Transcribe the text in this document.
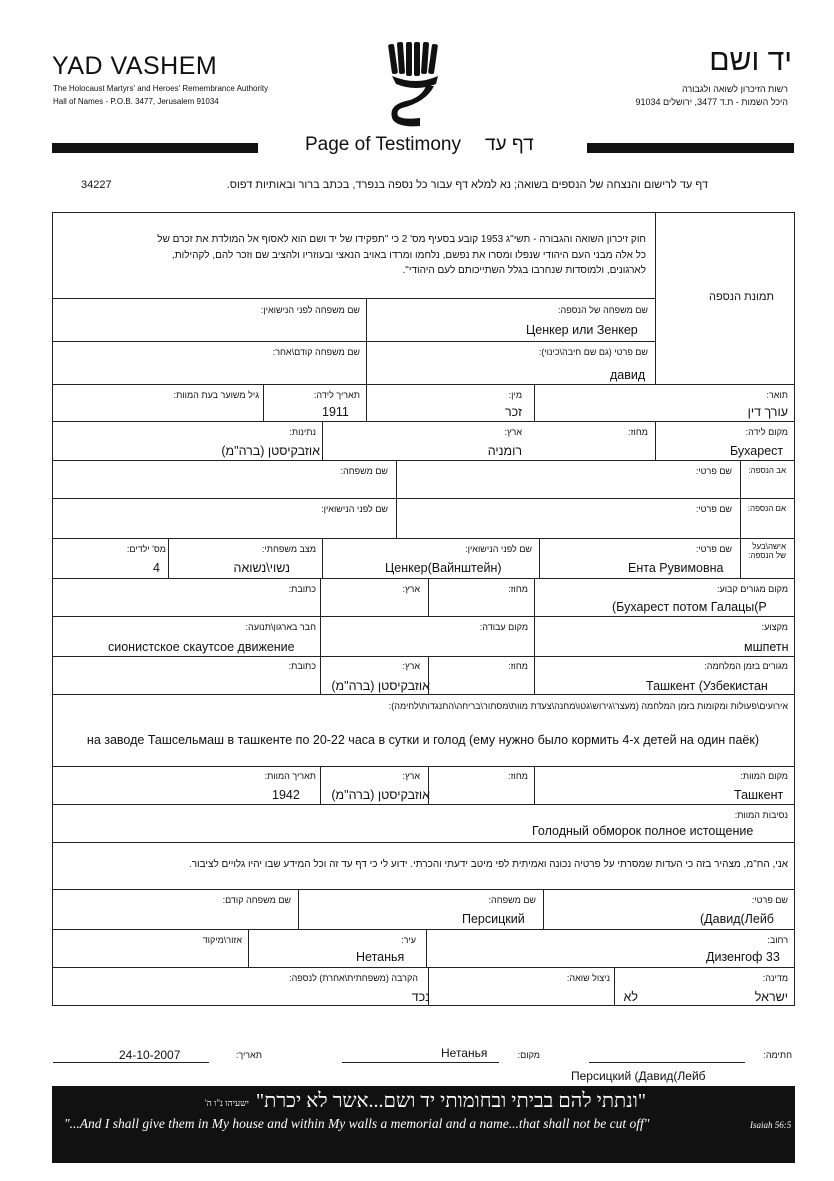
YAD VASHEM
The Holocaust Martyrs' and Heroes' Remembrance Authority
Hall of Names - P.O.B. 3477, Jerusalem 91034
יד ושם
רשות הזיכרון לשואה ולגבורה
היכל השמות - ת.ד 3477, ירושלים 91034
Page of Testimony דף עד
דף עד לרישום והנצחה של הנספים בשואה; נא למלא דף עבור כל נספה בנפרד, בכתב ברור ובאותיות דפוס.
34227
חוק זיכרון השואה והגבורה - תשי"ג 1953 קובע בסעיף מס' 2 כי "תפקידו של יד ושם הוא לאסוף אל המולדת את זכרם של
כל אלה מבני העם היהודי שנפלו ומסרו את נפשם, נלחמו ומרדו באויב הנאצי ובעוזריו ולהציב שם וזכר להם, לקהילות,
לארגונים, ולמוסדות שנחרבו בגלל השתייכותם לעם היהודי".
תמונת הנספה
שם משפחה של הנספה:
Ценкер или Зенкер
שם משפחה לפני הנישואין:
שם פרטי (גם שם חיבה\כינוי):
давид
שם משפחה קודם\אחר:
תואר:
עורך דין
מין:
זכר
תאריך לידה:
1911
גיל משוער בעת המוות:
מקום לידה:
Бухарест
מחוז:
ארץ:
רומניה
נתינות:
אוזבקיסטן (ברה"מ)
אב הנספה:
שם פרטי:
שם משפחה:
אם הנספה:
שם פרטי:
שם לפני הנישואין:
אישה\בעל של הנספה:
שם פרטי:
Ента Рувимовна
שם לפני הנישואין:
Ценкер(Вайнштейн)
מצב משפחתי:
נשוי\נשואה
מס' ילדים:
4
מקום מגורים קבוע:
(Бухарест потом Галацы(Р
מחוז:
ארץ:
כתובת:
מקצוע:
мшпетн
מקום עבודה:
חבר בארגון\תנועה:
сионистское скаутсое движение
מגורים בזמן המלחמה:
Ташкент (Узбекистан
מחוז:
ארץ:
אוזבקיסטן (ברה"מ)
כתובת:
אירועים\פעולות ומקומות בזמן המלחמה (מעצר\גירוש\גטו\מחנה\צעדת מוות\מסתור\בריחה\התנגדות\לחימה):
на заводе Ташсельмаш в ташкенте по 20-22 часа в сутки и голод (ему нужно было кормить 4-х детей на один паёк)
מקום המוות:
Ташкент
מחוז:
ארץ:
אוזבקיסטן (ברה"מ)
תאריך המוות:
1942
נסיבות המוות:
Голодный обморок полное истощение
אני, הח"מ, מצהיר בזה כי העדות שמסרתי על פרטיה נכונה ואמיתית לפי מיטב ידעתי והכרתי. ידוע לי כי דף עד זה וכל המידע שבו יהיו גלויים לציבור.
שם פרטי:
(Давид(Лейб
שם משפחה:
Персицкий
שם משפחה קודם:
רחוב:
Дизенгоф 33
עיר:
Нетанья
אזור\מיקוד
מדינה:
ישראל
ניצול שואה:
לא
הקרבה (משפחתית\אחרת) לנספה:
נכד
חתימה:
Персицкий (Давид(Лейб
מקום:
Нетанья
תאריך:
24-10-2007
ישעיהו נ"ו ה' "ונתתי להם בביתי ובחומותי יד ושם...אשר לא יכרת"
"...And I shall give them in My house and within My walls a memorial and a name...that shall not be cut off"	Isaiah 56:5
